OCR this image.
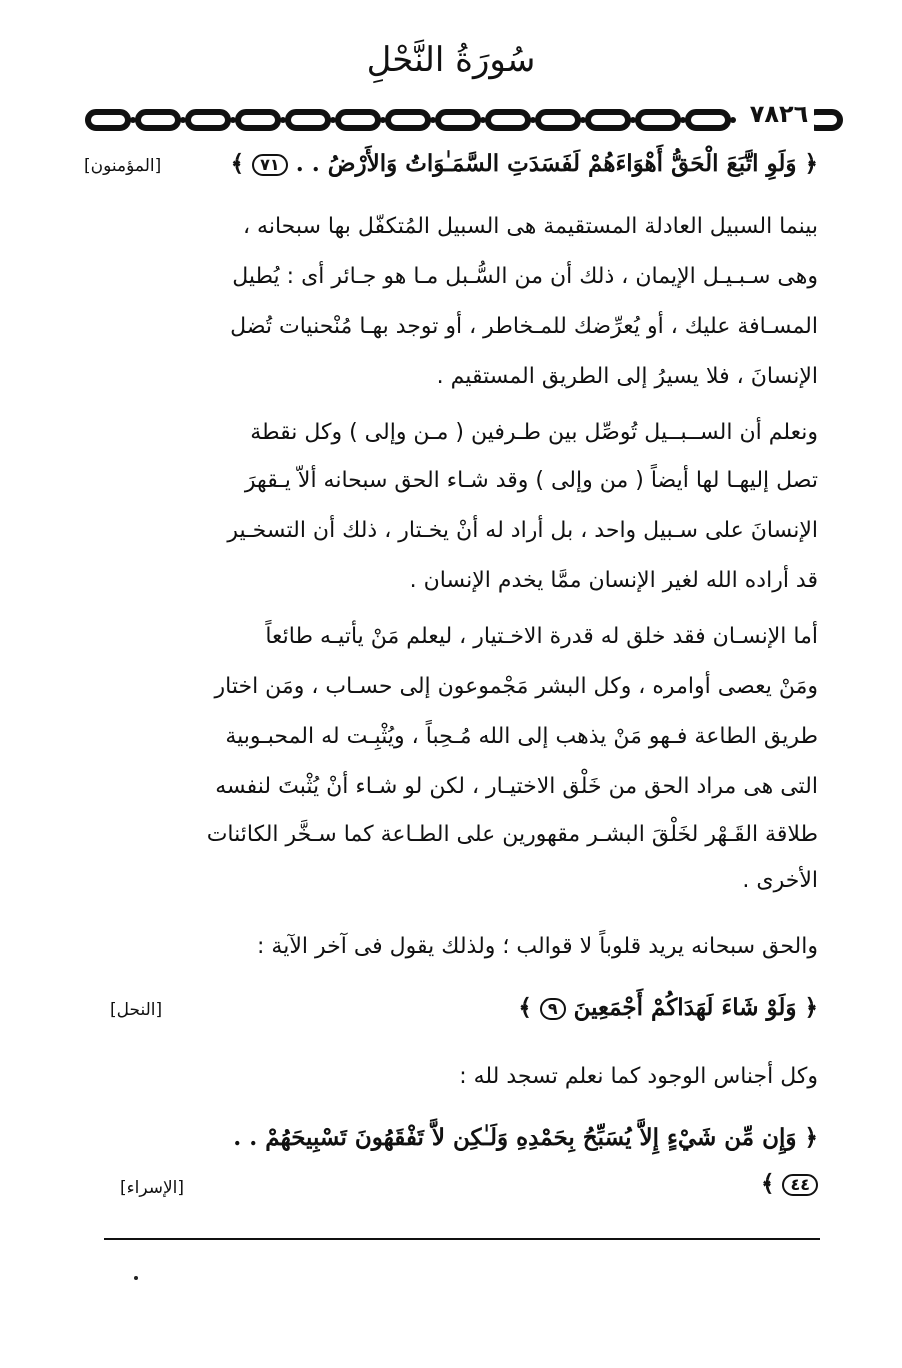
سُورَةُ النَّحْلِ
٧٨٢٦
﴿ وَلَوِ اتَّبَعَ الْحَقُّ أَهْوَاءَهُمْ لَفَسَدَتِ السَّمَـٰوَاتُ وَالأَرْضُ . . ٧١ ﴾
[المؤمنون]
بينما السبيل العادلة المستقيمة هى السبيل المُتكفّل بها سبحانه ،
وهى سـبـيـل الإيمان ، ذلك أن من السُّـبل مـا هو جـائر أى : يُطيل
المسـافة عليك ، أو يُعرِّضك للمـخاطر ، أو توجد بهـا مُنْحنيات تُضل
الإنسانَ ، فلا يسيرُ إلى الطريق المستقيم .
ونعلم أن الســبــيل تُوصِّل بين طـرفين ( مـن وإلى ) وكل نقطة
تصل إليهـا لها أيضاً ( من وإلى ) وقد شـاء الحق سبحانه ألاّ يـقهرَ
الإنسانَ على سـبيل واحد ، بل أراد له أنْ يخـتار ، ذلك أن التسخـير
قد أراده الله لغير الإنسان ممَّا يخدم الإنسان .
أما الإنسـان فقد خلق له قدرة الاخـتيار ، ليعلم مَنْ يأتيـه طائعاً
ومَنْ يعصى أوامره ، وكل البشر مَجْموعون إلى حسـاب ، ومَن اختار
طريق الطاعة فـهو مَنْ يذهب إلى الله مُـحِباً ، ويُثْبِـت له المحبـوبية
التى هى مراد الحق من خَلْق الاختيـار ، لكن لو شـاء أنْ يُثْبتَ لنفسه
طلاقة القَـهْر لخَلْقَ البشـر مقهورين على الطـاعة كما سـخَّر الكائنات
الأخرى .
والحق سبحانه يريد قلوباً لا قوالب ؛ ولذلك يقول فى آخر الآية :
﴿ وَلَوْ شَاءَ لَهَدَاكُمْ أَجْمَعِينَ ٩ ﴾
[النحل]
وكل أجناس الوجود كما نعلم تسجد لله :
﴿ وَإِن مِّن شَيْءٍ إِلاَّ يُسَبِّحُ بِحَمْدِهِ وَلَـٰكِن لاَّ تَفْقَهُونَ تَسْبِيحَهُمْ . .
٤٤ ﴾
[الإسراء]
